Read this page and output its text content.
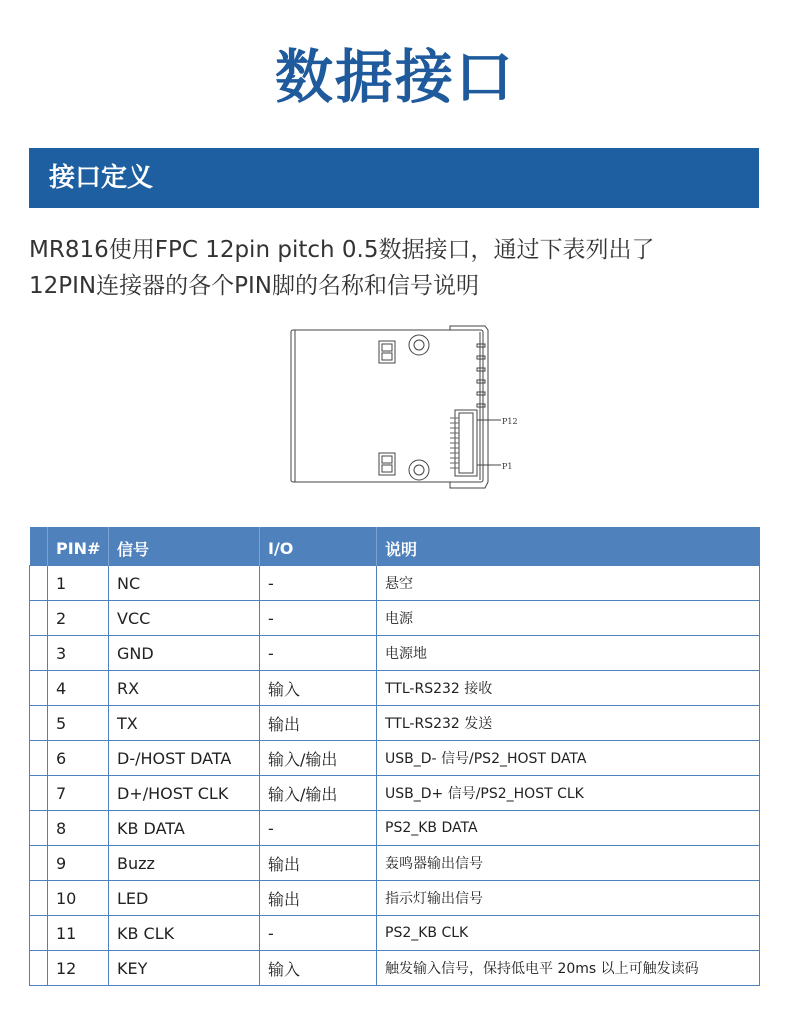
数据接口
接口定义
MR816使用FPC 12pin pitch 0.5数据接口，通过下表列出了
12PIN连接器的各个PIN脚的名称和信号说明
P12
P1
	PIN#	信号	I/O	说明
	1	NC	-	悬空
	2	VCC	-	电源
	3	GND	-	电源地
	4	RX	输入	TTL-RS232 接收
	5	TX	输出	TTL-RS232 发送
	6	D-/HOST DATA	输入/输出	USB_D- 信号/PS2_HOST DATA
	7	D+/HOST CLK	输入/输出	USB_D+ 信号/PS2_HOST CLK
	8	KB DATA	-	PS2_KB DATA
	9	Buzz	输出	轰鸣器输出信号
	10	LED	输出	指示灯输出信号
	11	KB CLK	-	PS2_KB CLK
	12	KEY	输入	触发输入信号，保持低电平 20ms 以上可触发读码
